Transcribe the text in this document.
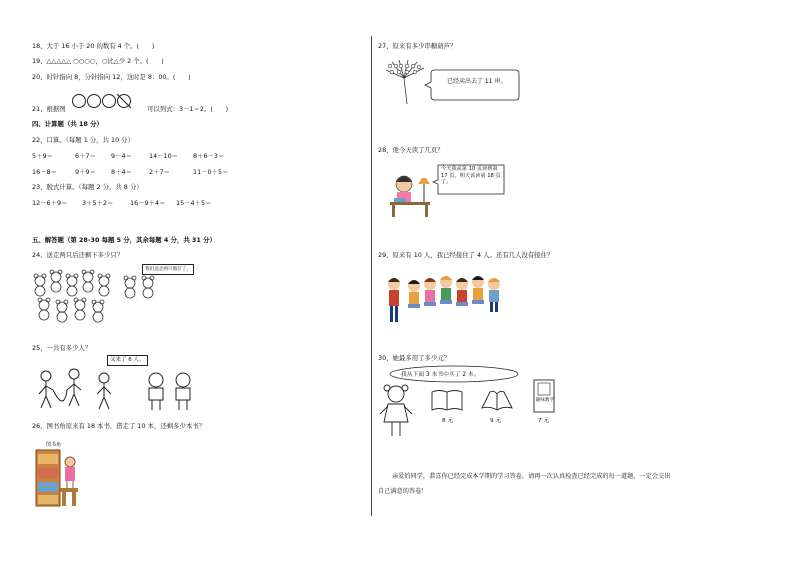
18、大于 16 小于 20 的数有 4 个。(　　)
19、△△△△△ ○○○○，○比△少 2 个。(　　)
20、时针指向 8，分针指向 12，这时是 8：00。(　　)
21、根据图	可以列式：3－1＝2。(　　)
四、计算题（共 18 分）
22、口算。（每题 1 分，共 10 分）
5＋9＝	6＋7＝ 9－4＝	14－10＝ 8＋6－3＝
16－8＝	9＋9＝ 8＋4＝	2＋7＝	11－0＋5＝
23、脱式计算。（每题 2 分，共 8 分）
12－6＋9＝ 3＋5＋2＝	16－9＋4＝ 15－4＋5＝
五、解答题（第 28-30 每题 5 分，其余每题 4 分，共 31 分）
24、送走两只后还剩下多少只？
我们送走两只熊仔了。
25、一共有多少人？
又来了 6 人。
26、图书角原来有 18 本书，借走了 10 本，还剩多少本书？
图书角
27、原来有多少串糖葫芦？
已经卖出去了 11 串。
28、他今天读了几页？
今天我从第 10 页读到第 17 页。明天该读第 18 页了。
29、原来有 10 人，我已经接住了 4 人。还有几人没有接住？
30、她最多用了多少元？
我从下面 3 本书中买了 2 本。
趣味数学
8 元	9 元	7 元
亲爱的同学，恭喜你已经完成本学期的学习答卷，请再一次认真检查已经完成的每一道题，一定会交出
自己满意的答卷！
